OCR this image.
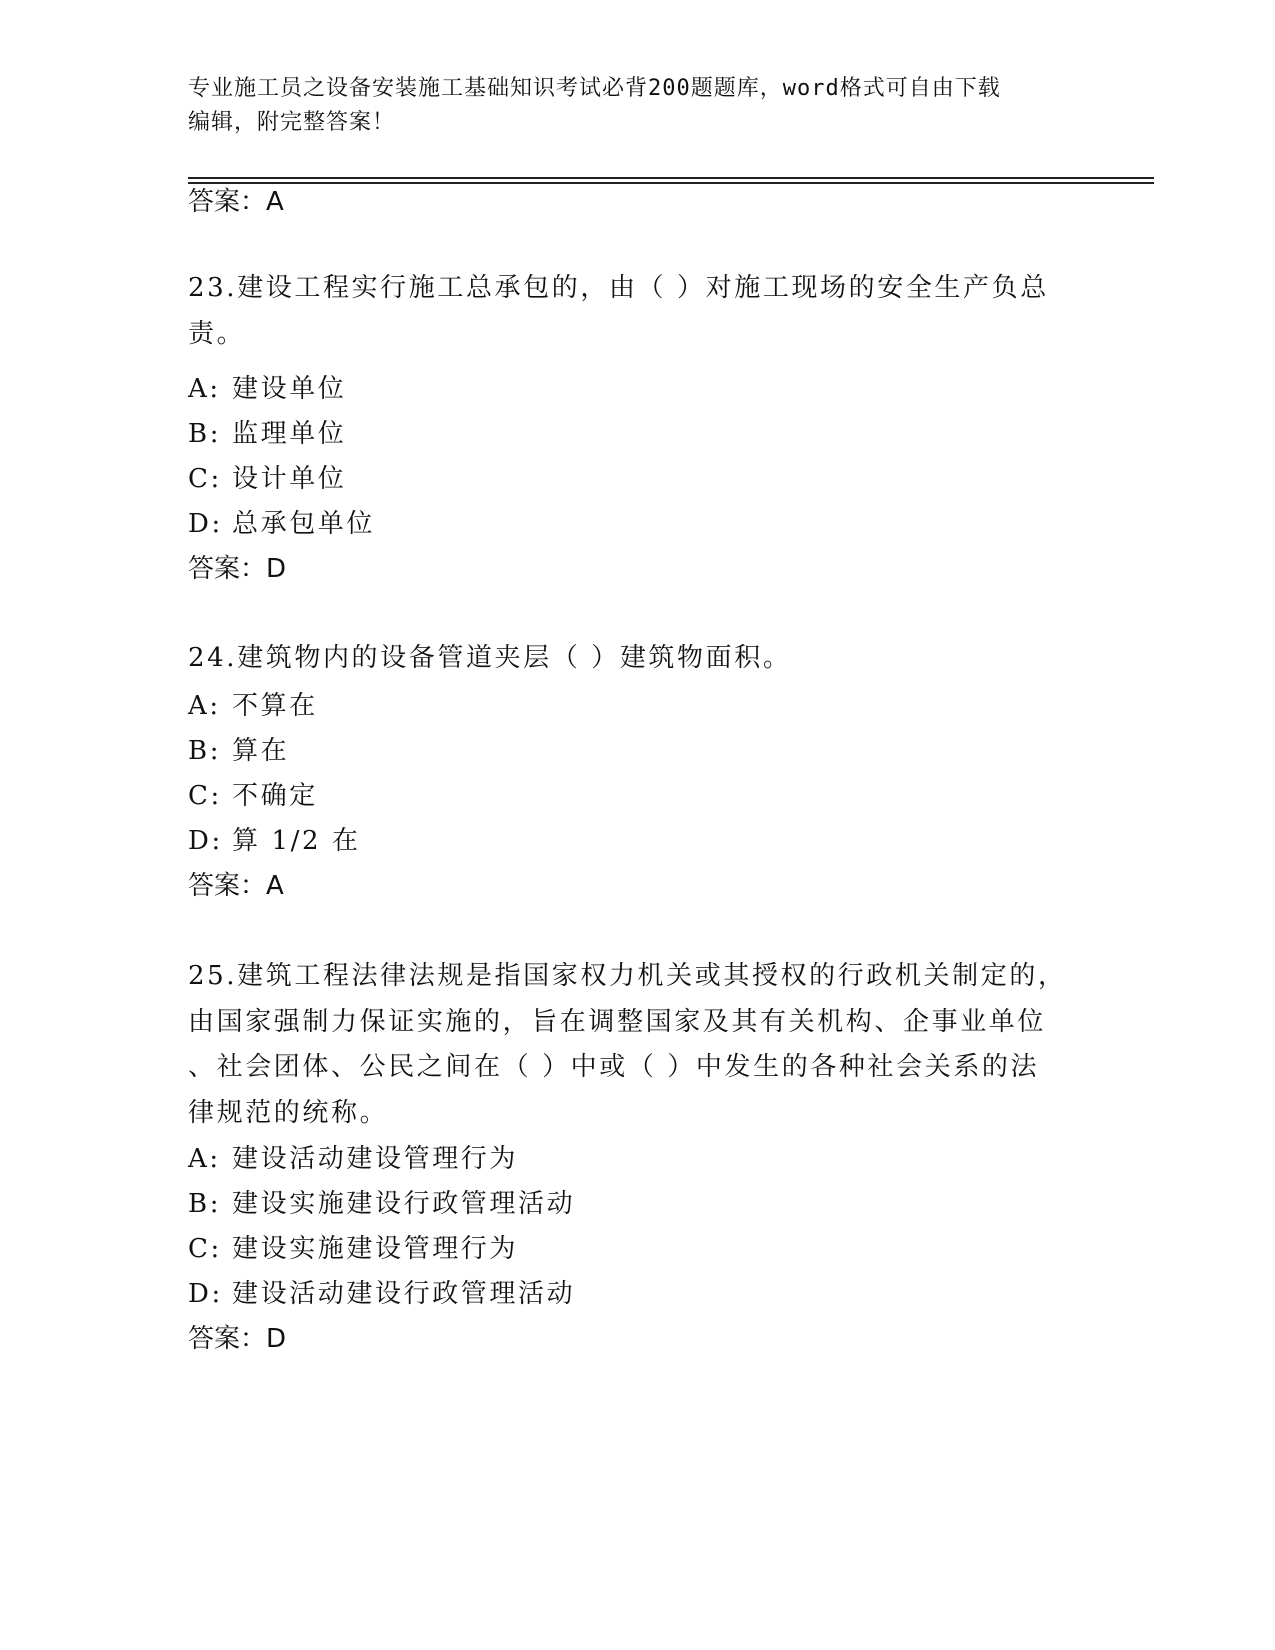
专业施工员之设备安装施工基础知识考试必背200题题库，word格式可自由下载
编辑，附完整答案！
答案：A
23.建设工程实行施工总承包的，由（ ）对施工现场的安全生产负总
责。
A: 建设单位
B: 监理单位
C: 设计单位
D: 总承包单位
答案：D
24.建筑物内的设备管道夹层（ ）建筑物面积。
A: 不算在
B: 算在
C: 不确定
D: 算 1/2 在
答案：A
25.建筑工程法律法规是指国家权力机关或其授权的行政机关制定的，
由国家强制力保证实施的，旨在调整国家及其有关机构、企事业单位
、社会团体、公民之间在（ ）中或（ ）中发生的各种社会关系的法
律规范的统称。
A: 建设活动建设管理行为
B: 建设实施建设行政管理活动
C: 建设实施建设管理行为
D: 建设活动建设行政管理活动
答案：D
